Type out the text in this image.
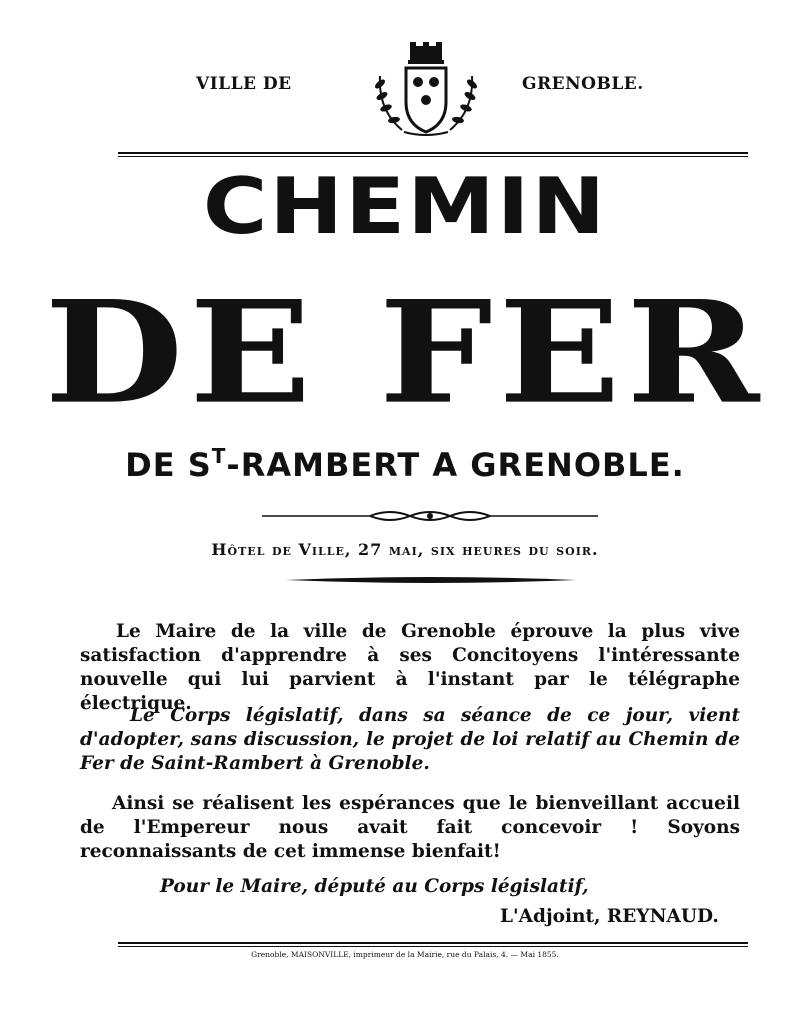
VILLE DE	GRENOBLE.
CHEMIN
DE FER
DE $S^T$-RAMBERT A GRENOBLE.
Hôtel de Ville, 27 mai, six heures du soir.
Le Maire de la ville de Grenoble éprouve la plus vive satisfaction d'apprendre à ses Concitoyens l'intéressante nouvelle qui lui parvient à l'instant par le télégraphe électrique.
Le Corps législatif, dans sa séance de ce jour, vient d'adopter, sans discussion, le projet de loi relatif au Chemin de Fer de Saint-Rambert à Grenoble.
Ainsi se réalisent les espérances que le bienveillant accueil de l'Empereur nous avait fait concevoir ! Soyons reconnaissants de cet immense bienfait!
Pour le Maire, député au Corps législatif,
L'Adjoint, REYNAUD.
Grenoble, MAISONVILLE, imprimeur de la Mairie, rue du Palais, 4. — Mai 1855.
